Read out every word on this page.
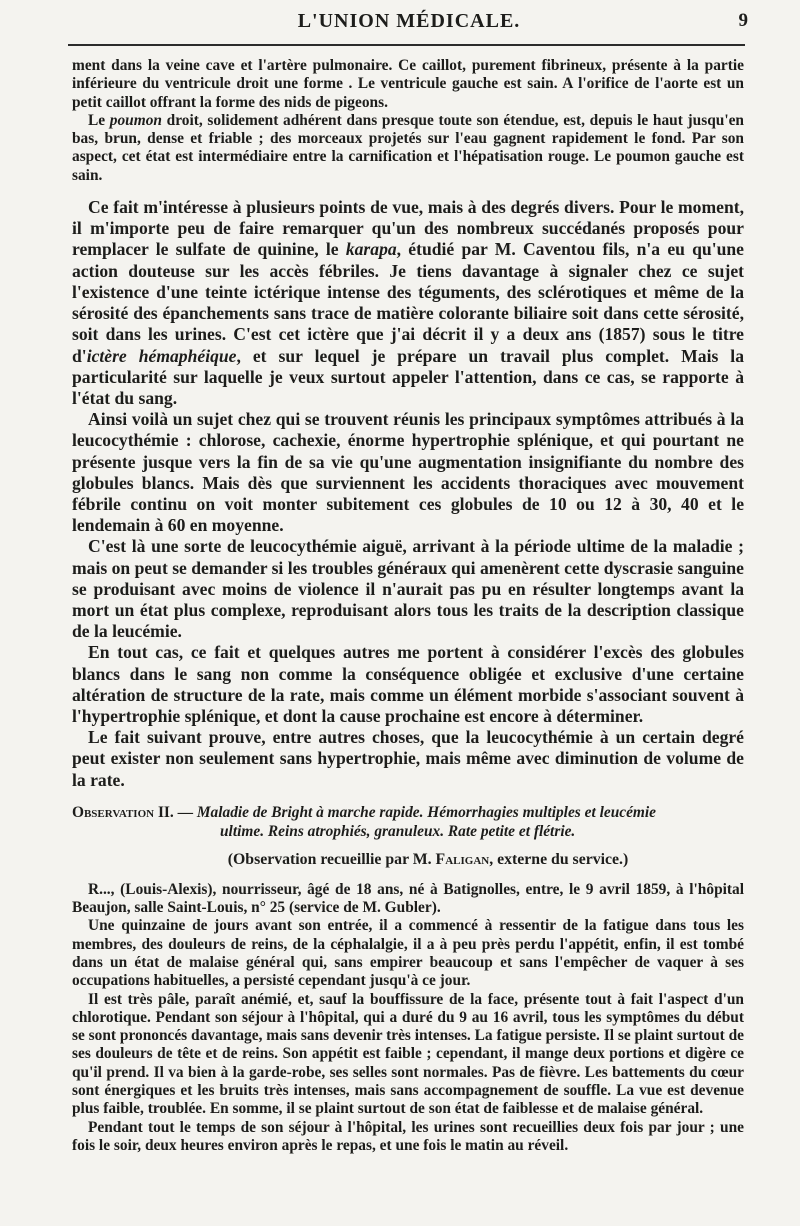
L'UNION MÉDICALE.	9

ment dans la veine cave et l'artère pulmonaire. Ce caillot, purement fibrineux, présente à la partie inférieure du ventricule droit une forme . Le ventricule gauche est sain. A l'orifice de l'aorte est un petit caillot offrant la forme des nids de pigeons.

Le poumon droit, solidement adhérent dans presque toute son étendue, est, depuis le haut jusqu'en bas, brun, dense et friable ; des morceaux projetés sur l'eau gagnent rapidement le fond. Par son aspect, cet état est intermédiaire entre la carnification et l'hépatisation rouge. Le poumon gauche est sain.

Ce fait m'intéresse à plusieurs points de vue, mais à des degrés divers. Pour le moment, il m'importe peu de faire remarquer qu'un des nombreux succédanés proposés pour remplacer le sulfate de quinine, le karapa, étudié par M. Caventou fils, n'a eu qu'une action douteuse sur les accès fébriles. Je tiens davantage à signaler chez ce sujet l'existence d'une teinte ictérique intense des téguments, des sclérotiques et même de la sérosité des épanchements sans trace de matière colorante biliaire soit dans cette sérosité, soit dans les urines. C'est cet ictère que j'ai décrit il y a deux ans (1857) sous le titre d'ictère hémaphéique, et sur lequel je prépare un travail plus complet. Mais la particularité sur laquelle je veux surtout appeler l'attention, dans ce cas, se rapporte à l'état du sang.

Ainsi voilà un sujet chez qui se trouvent réunis les principaux symptômes attribués à la leucocythémie : chlorose, cachexie, énorme hypertrophie splénique, et qui pourtant ne présente jusque vers la fin de sa vie qu'une augmentation insignifiante du nombre des globules blancs. Mais dès que surviennent les accidents thoraciques avec mouvement fébrile continu on voit monter subitement ces globules de 10 ou 12 à 30, 40 et le lendemain à 60 en moyenne.

C'est là une sorte de leucocythémie aiguë, arrivant à la période ultime de la maladie ; mais on peut se demander si les troubles généraux qui amenèrent cette dyscrasie sanguine se produisant avec moins de violence il n'aurait pas pu en résulter longtemps avant la mort un état plus complexe, reproduisant alors tous les traits de la description classique de la leucémie.

En tout cas, ce fait et quelques autres me portent à considérer l'excès des globules blancs dans le sang non comme la conséquence obligée et exclusive d'une certaine altération de structure de la rate, mais comme un élément morbide s'associant souvent à l'hypertrophie splénique, et dont la cause prochaine est encore à déterminer.

Le fait suivant prouve, entre autres choses, que la leucocythémie à un certain degré peut exister non seulement sans hypertrophie, mais même avec diminution de volume de la rate.

Observation II. — Maladie de Bright à marche rapide. Hémorrhagies multiples et leucémie

ultime. Reins atrophiés, granuleux. Rate petite et flétrie.

(Observation recueillie par M. Faligan, externe du service.)

R..., (Louis-Alexis), nourrisseur, âgé de 18 ans, né à Batignolles, entre, le 9 avril 1859, à l'hôpital Beaujon, salle Saint-Louis, n° 25 (service de M. Gubler).

Une quinzaine de jours avant son entrée, il a commencé à ressentir de la fatigue dans tous les membres, des douleurs de reins, de la céphalalgie, il a à peu près perdu l'appétit, enfin, il est tombé dans un état de malaise général qui, sans empirer beaucoup et sans l'empêcher de vaquer à ses occupations habituelles, a persisté cependant jusqu'à ce jour.

Il est très pâle, paraît anémié, et, sauf la bouffissure de la face, présente tout à fait l'aspect d'un chlorotique. Pendant son séjour à l'hôpital, qui a duré du 9 au 16 avril, tous les symptômes du début se sont prononcés davantage, mais sans devenir très intenses. La fatigue persiste. Il se plaint surtout de ses douleurs de tête et de reins. Son appétit est faible ; cependant, il mange deux portions et digère ce qu'il prend. Il va bien à la garde-robe, ses selles sont normales. Pas de fièvre. Les battements du cœur sont énergiques et les bruits très intenses, mais sans accompagnement de souffle. La vue est devenue plus faible, troublée. En somme, il se plaint surtout de son état de faiblesse et de malaise général.

Pendant tout le temps de son séjour à l'hôpital, les urines sont recueillies deux fois par jour ; une fois le soir, deux heures environ après le repas, et une fois le matin au réveil.
